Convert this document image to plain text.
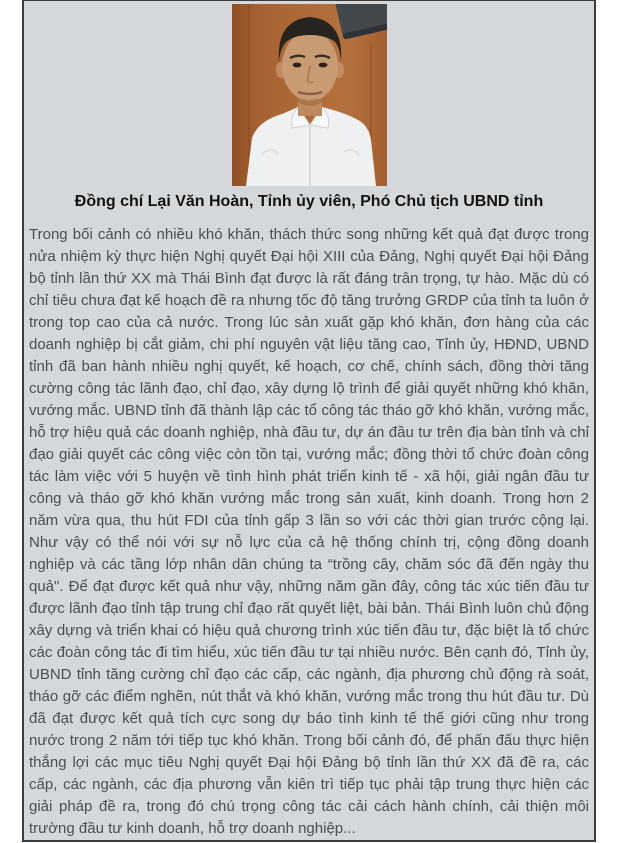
Đồng chí Lại Văn Hoàn, Tỉnh ủy viên, Phó Chủ tịch UBND tỉnh
Trong bối cảnh có nhiều khó khăn, thách thức song những kết quả đạt được trong
nửa nhiệm kỳ thực hiện Nghị quyết Đại hội XIII của Đảng, Nghị quyết Đại hội Đảng
bộ tỉnh lần thứ XX mà Thái Bình đạt được là rất đáng trân trọng, tự hào. Mặc dù có
chỉ tiêu chưa đạt kế hoạch đề ra nhưng tốc độ tăng trưởng GRDP của tỉnh ta luôn ở
trong top cao của cả nước. Trong lúc sản xuất gặp khó khăn, đơn hàng của các
doanh nghiệp bị cắt giảm, chi phí nguyên vật liệu tăng cao, Tỉnh ủy, HĐND, UBND
tỉnh đã ban hành nhiều nghị quyết, kế hoạch, cơ chế, chính sách, đồng thời tăng
cường công tác lãnh đạo, chỉ đạo, xây dựng lộ trình để giải quyết những khó khăn,
vướng mắc. UBND tỉnh đã thành lập các tổ công tác tháo gỡ khó khăn, vướng mắc,
hỗ trợ hiệu quả các doanh nghiệp, nhà đầu tư, dự án đầu tư trên địa bàn tỉnh và chỉ
đạo giải quyết các công việc còn tồn tại, vướng mắc; đồng thời tổ chức đoàn công
tác làm việc với 5 huyện về tình hình phát triển kinh tế - xã hội, giải ngân đầu tư
công và tháo gỡ khó khăn vướng mắc trong sản xuất, kinh doanh. Trong hơn 2
năm vừa qua, thu hút FDI của tỉnh gấp 3 lần so với các thời gian trước cộng lại.
Như vậy có thể nói với sự nỗ lực của cả hệ thống chính trị, cộng đồng doanh
nghiệp và các tầng lớp nhân dân chúng ta “trồng cây, chăm sóc đã đến ngày thu
quả". Để đạt được kết quả như vậy, những năm gần đây, công tác xúc tiến đầu tư
được lãnh đạo tỉnh tập trung chỉ đạo rất quyết liệt, bài bản. Thái Bình luôn chủ động
xây dựng và triển khai có hiệu quả chương trình xúc tiến đầu tư, đặc biệt là tổ chức
các đoàn công tác đi tìm hiểu, xúc tiến đầu tư tại nhiều nước. Bên cạnh đó, Tỉnh ủy,
UBND tỉnh tăng cường chỉ đạo các cấp, các ngành, địa phương chủ động rà soát,
tháo gỡ các điểm nghẽn, nút thắt và khó khăn, vướng mắc trong thu hút đầu tư. Dù
đã đạt được kết quả tích cực song dự báo tình kinh tế thế giới cũng như trong
nước trong 2 năm tới tiếp tục khó khăn. Trong bối cảnh đó, để phấn đấu thực hiện
thắng lợi các mục tiêu Nghị quyết Đại hội Đảng bộ tỉnh lần thứ XX đã đề ra, các
cấp, các ngành, các địa phương vẫn kiên trì tiếp tục phải tập trung thực hiện các
giải pháp đề ra, trong đó chú trọng công tác cải cách hành chính, cải thiện môi
trường đầu tư kinh doanh, hỗ trợ doanh nghiệp...
